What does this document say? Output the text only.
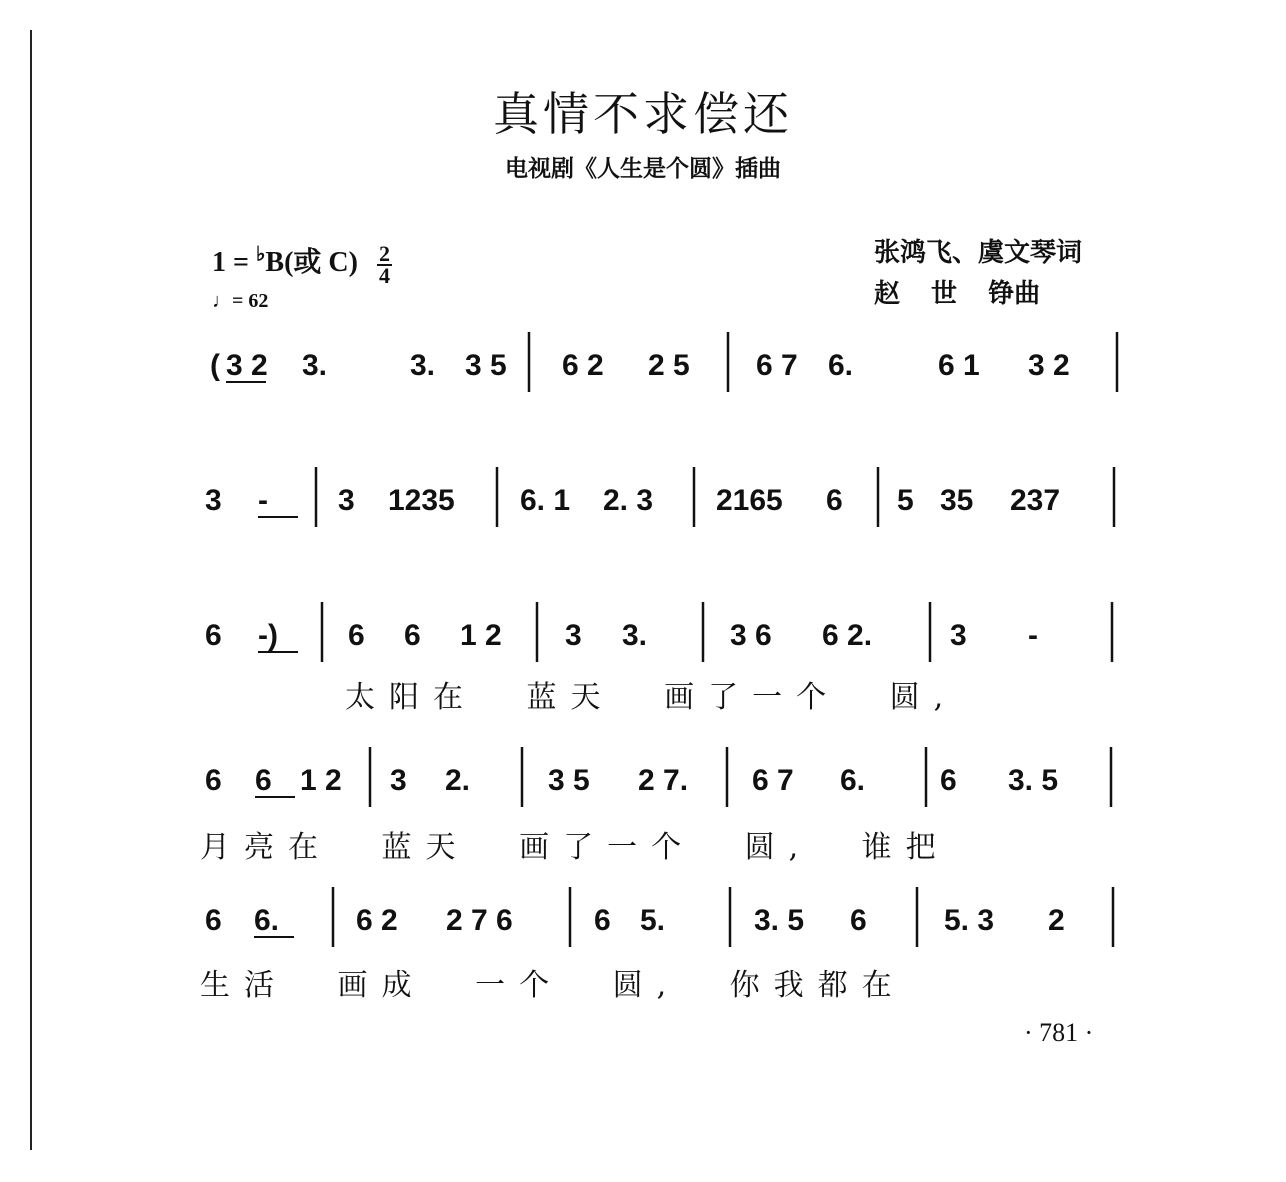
真情不求偿还
电视剧《人生是个圆》插曲
1 = ♭B(或 $C) \frac{2}{4}$
♩= 62
张鸿飞、虞文琴词
赵 世 铮曲
( 3 2 3.	3. 3 5 6 2 2 5 6 7 6.	6 1 3 2
3 - 3 1235 6. 1 2. 3 2165 6 5 35 237
6 -) 6 6 1 2 3 3.	3 6 6 2.	3 -
6 6 1 2 3 2.	3 5 2 7. 6 7 6. 6 3. 5
6 6.	6 2 2 7 6	6 5.	3. 5 6	5. 3 2
太阳在 蓝天 画了一个 圆,
月亮在 蓝天 画了一个 圆, 谁把
生活 画成 一个 圆, 你我都在
· 781 ·
